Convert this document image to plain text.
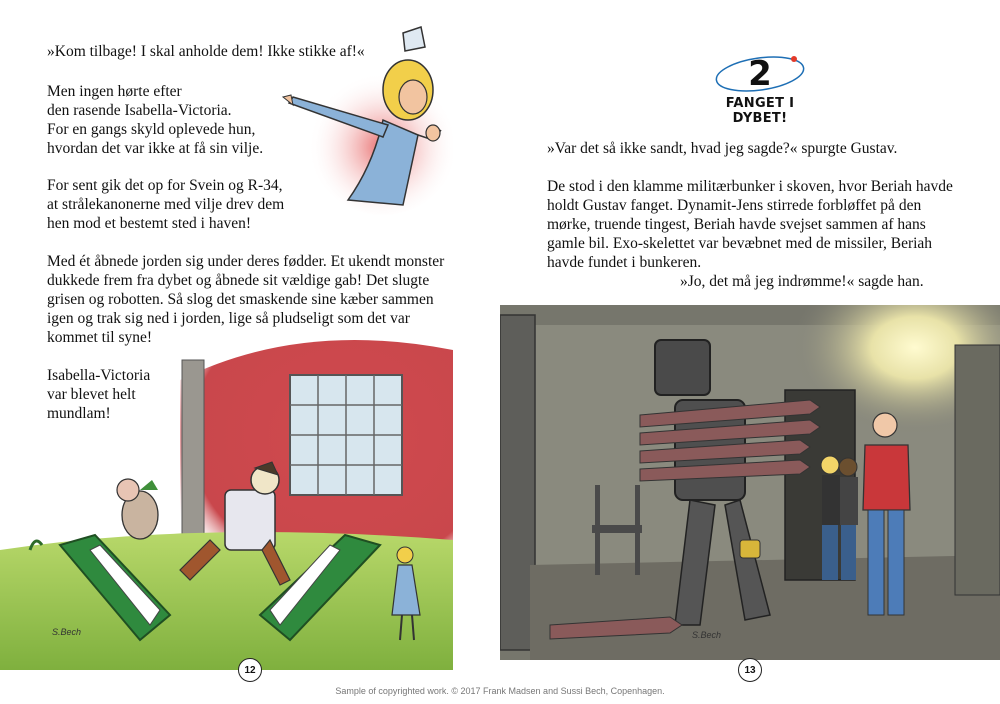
»Kom tilbage! I skal anholde dem! Ikke stikke af!«
Men ingen hørte efter
den rasende Isabella-Victoria.
For en gangs skyld oplevede hun,
hvordan det var ikke at få sin vilje.
For sent gik det op for Svein og R-34,
at strålekanonerne med vilje drev dem
hen mod et bestemt sted i haven!
Med ét åbnede jorden sig under deres fødder. Et ukendt monster dukkede frem fra dybet og åbnede sit vældige gab! Det slugte grisen og robotten. Så slog det smaskende sine kæber sammen igen og trak sig ned i jorden, lige så pludseligt som det var kommet til syne!
Isabella-Victoria
var blevet helt
mundlam!
S.Bech
12
2
FANGET I DYBET!
»Var det så ikke sandt, hvad jeg sagde?« spurgte Gustav.
De stod i den klamme militærbunker i skoven, hvor Beriah havde holdt Gustav fanget. Dynamit-Jens stirrede forbløffet på den mørke, truende tingest, Beriah havde svejset sammen af hans gamle bil. Exo-skelettet var bevæbnet med de missiler, Beriah havde fundet i bunkeren.
»Jo, det må jeg indrømme!« sagde han.
S.Bech
13
Sample of copyrighted work. © 2017 Frank Madsen and Sussi Bech, Copenhagen.
